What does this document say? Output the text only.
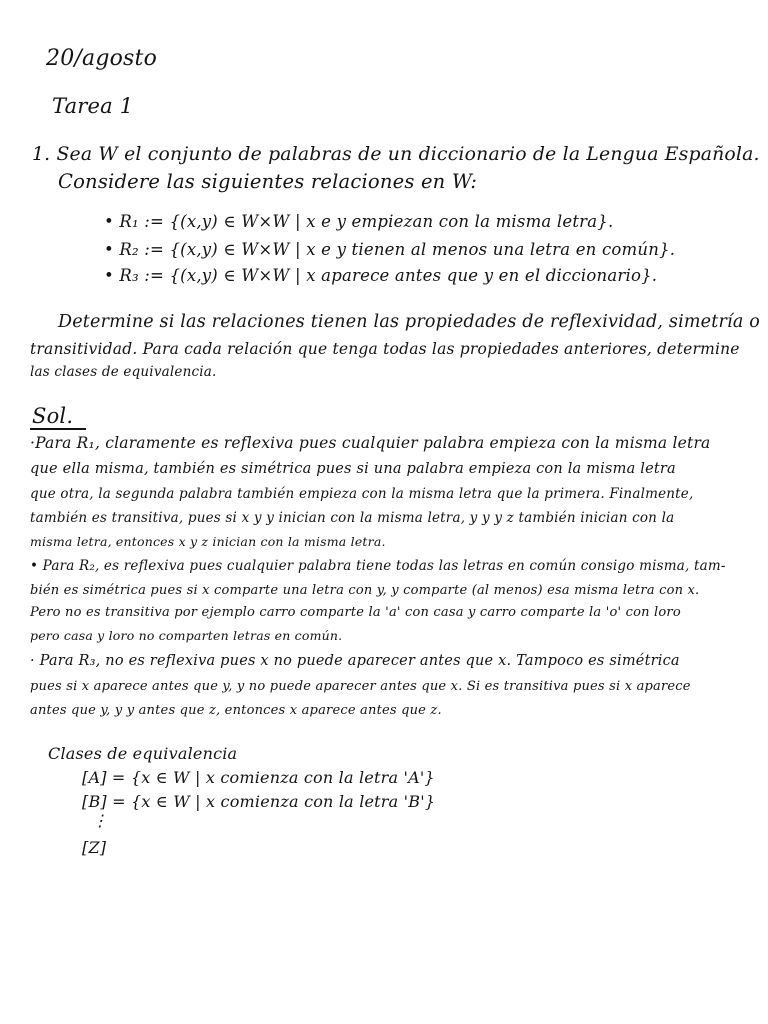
20/agosto
Tarea 1
1. Sea W el conjunto de palabras de un diccionario de la Lengua Española.
Considere las siguientes relaciones en W:
• R₁ := {(x,y) ∈ W×W | x e y empiezan con la misma letra}.
• R₂ := {(x,y) ∈ W×W | x e y tienen al menos una letra en común}.
• R₃ := {(x,y) ∈ W×W | x aparece antes que y en el diccionario}.
Determine si las relaciones tienen las propiedades de reflexividad, simetría o
transitividad. Para cada relación que tenga todas las propiedades anteriores, determine
las clases de equivalencia.
Sol.
·Para R₁, claramente es reflexiva pues cualquier palabra empieza con la misma letra
que ella misma, también es simétrica pues si una palabra empieza con la misma letra
que otra, la segunda palabra también empieza con la misma letra que la primera. Finalmente,
también es transitiva, pues si x y y inician con la misma letra, y y y z también inician con la
misma letra, entonces x y z inician con la misma letra.
• Para R₂, es reflexiva pues cualquier palabra tiene todas las letras en común consigo misma, tam-
bién es simétrica pues si x comparte una letra con y, y comparte (al menos) esa misma letra con x.
Pero no es transitiva por ejemplo carro comparte la 'a' con casa y carro comparte la 'o' con loro
pero casa y loro no comparten letras en común.
· Para R₃, no es reflexiva pues x no puede aparecer antes que x. Tampoco es simétrica
pues si x aparece antes que y, y no puede aparecer antes que x. Si es transitiva pues si x aparece
antes que y, y y antes que z, entonces x aparece antes que z.
Clases de equivalencia
[A] = {x ∈ W | x comienza con la letra 'A'}
[B] = {x ∈ W | x comienza con la letra 'B'}
⋮
[Z]
